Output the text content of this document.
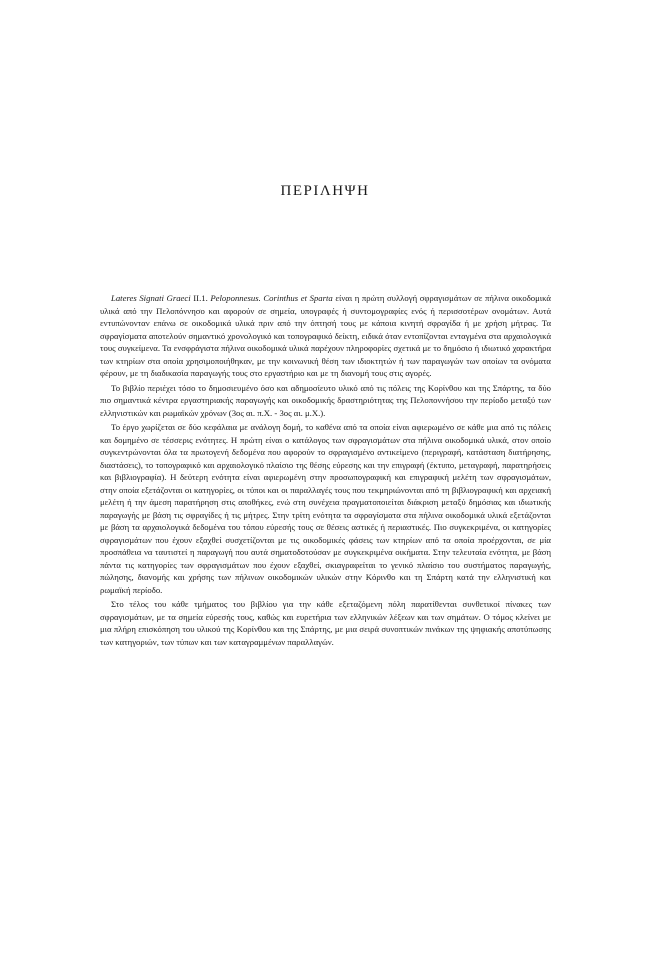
ΠΕΡΙΛΗΨΗ

Lateres Signati Graeci II.1. Peloponnesus. Corinthus et Sparta είναι η πρώτη συλλογή σφραγισμάτων σε πήλινα οικοδομικά υλικά από την Πελοπόννησο και αφορούν σε σημεία, υπογραφές ή συντομογραφίες ενός ή περισσοτέρων ονομάτων. Αυτά εντυπώνονταν επάνω σε οικοδομικά υλικά πριν από την όπτησή τους με κάποια κινητή σφραγίδα ή με χρήση μήτρας. Τα σφραγίσματα αποτελούν σημαντικό χρονολογικό και τοπογραφικό δείκτη, ειδικά όταν εντοπίζονται ενταγμένα στα αρχαιολογικά τους συγκείμενα. Τα ενσφράγιστα πήλινα οικοδομικά υλικά παρέχουν πληροφορίες σχετικά με το δημόσιο ή ιδιωτικό χαρακτήρα των κτηρίων στα οποία χρησιμοποιήθηκαν, με την κοινωνική θέση των ιδιοκτητών ή των παραγωγών των οποίων τα ονόματα φέρουν, με τη διαδικασία παραγωγής τους στο εργαστήριο και με τη διανομή τους στις αγορές.

Το βιβλίο περιέχει τόσο το δημοσιευμένο όσο και αδημοσίευτο υλικό από τις πόλεις της Κορίνθου και της Σπάρτης, τα δύο πιο σημαντικά κέντρα εργαστηριακής παραγωγής και οικοδομικής δραστηριότητας της Πελοποννήσου την περίοδο μεταξύ των ελληνιστικών και ρωμαϊκών χρόνων (3ος αι. π.Χ. - 3ος αι. μ.Χ.).

Το έργο χωρίζεται σε δύο κεφάλαια με ανάλογη δομή, το καθένα από τα οποία είναι αφιερωμένο σε κάθε μια από τις πόλεις και δομημένο σε τέσσερις ενότητες. Η πρώτη είναι ο κατάλογος των σφραγισμάτων στα πήλινα οικοδομικά υλικά, στον οποίο συγκεντρώνονται όλα τα πρωτογενή δεδομένα που αφορούν το σφραγισμένο αντικείμενο (περιγραφή, κατάσταση διατήρησης, διαστάσεις), το τοπογραφικό και αρχαιολογικό πλαίσιο της θέσης εύρεσης και την επιγραφή (έκτυπο, μεταγραφή, παρατηρήσεις και βιβλιογραφία). Η δεύτερη ενότητα είναι αφιερωμένη στην προσωπογραφική και επιγραφική μελέτη των σφραγισμάτων, στην οποία εξετάζονται οι κατηγορίες, οι τύποι και οι παραλλαγές τους που τεκμηριώνονται από τη βιβλιογραφική και αρχειακή μελέτη ή την άμεση παρατήρηση στις αποθήκες, ενώ στη συνέχεια πραγματοποιείται διάκριση μεταξύ δημόσιας και ιδιωτικής παραγωγής με βάση τις σφραγίδες ή τις μήτρες. Στην τρίτη ενότητα τα σφραγίσματα στα πήλινα οικοδομικά υλικά εξετάζονται με βάση τα αρχαιολογικά δεδομένα του τόπου εύρεσής τους σε θέσεις αστικές ή περιαστικές. Πιο συγκεκριμένα, οι κατηγορίες σφραγισμάτων που έχουν εξαχθεί συσχετίζονται με τις οικοδομικές φάσεις των κτηρίων από τα οποία προέρχονται, σε μία προσπάθεια να ταυτιστεί η παραγωγή που αυτά σηματοδοτούσαν με συγκεκριμένα οικήματα. Στην τελευταία ενότητα, με βάση πάντα τις κατηγορίες των σφραγισμάτων που έχουν εξαχθεί, σκιαγραφείται το γενικό πλαίσιο του συστήματος παραγωγής, πώλησης, διανομής και χρήσης των πήλινων οικοδομικών υλικών στην Κόρινθο και τη Σπάρτη κατά την ελληνιστική και ρωμαϊκή περίοδο.

Στο τέλος του κάθε τμήματος του βιβλίου για την κάθε εξεταζόμενη πόλη παρατίθενται συνθετικοί πίνακες των σφραγισμάτων, με τα σημεία εύρεσής τους, καθώς και ευρετήρια των ελληνικών λέξεων και των σημάτων. Ο τόμος κλείνει με μια πλήρη επισκόπηση του υλικού της Κορίνθου και της Σπάρτης, με μια σειρά συνοπτικών πινάκων της ψηφιακής αποτύπωσης των κατηγοριών, των τύπων και των καταγραμμένων παραλλαγών.
